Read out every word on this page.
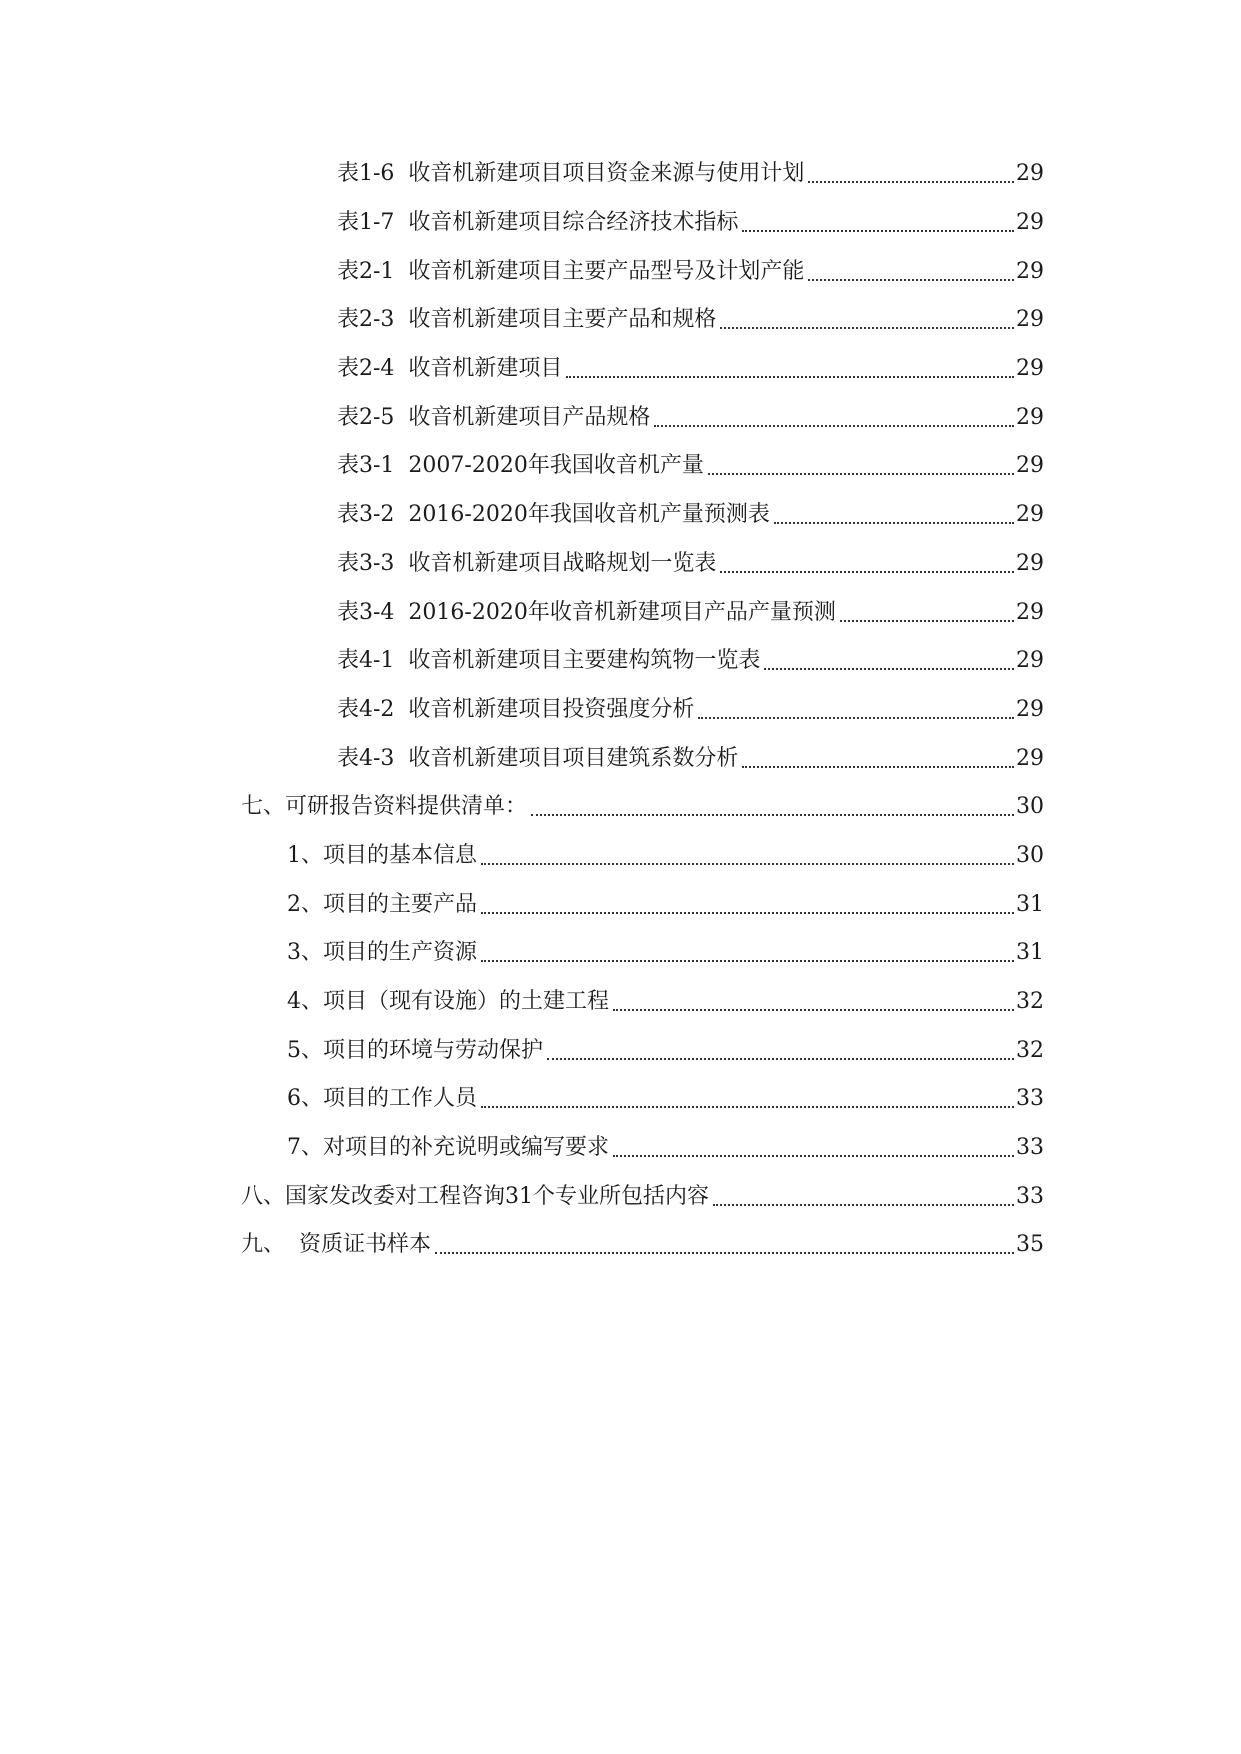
表1-6 收音机新建项目项目资金来源与使用计划	29
表1-7 收音机新建项目综合经济技术指标	29
表2-1 收音机新建项目主要产品型号及计划产能	29
表2-3 收音机新建项目主要产品和规格	29
表2-4 收音机新建项目	29
表2-5 收音机新建项目产品规格	29
表3-1 2007-2020年我国收音机产量	29
表3-2 2016-2020年我国收音机产量预测表	29
表3-3 收音机新建项目战略规划一览表	29
表3-4 2016-2020年收音机新建项目产品产量预测	29
表4-1 收音机新建项目主要建构筑物一览表	29
表4-2 收音机新建项目投资强度分析	29
表4-3 收音机新建项目项目建筑系数分析	29
七、 可研报告资料提供清单：	30
1、 项目的基本信息	30
2、 项目的主要产品	31
3、 项目的生产资源	31
4、 项目（现有设施）的土建工程	32
5、 项目的环境与劳动保护	32
6、 项目的工作人员	33
7、 对项目的补充说明或编写要求	33
八、 国家发改委对工程咨询31个专业所包括内容	33
九、 资质证书样本	35
